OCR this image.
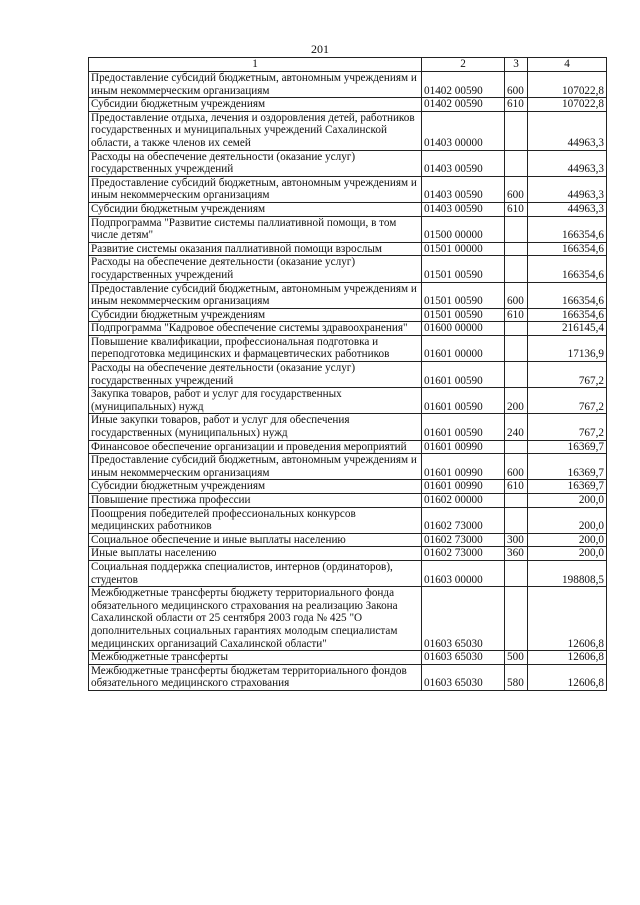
201
1	2	3	4
Предоставление субсидий бюджетным, автономным учреждениям и иным некоммерческим организациям	01402 00590	600	107022,8
Субсидии бюджетным учреждениям	01402 00590	610	107022,8
Предоставление отдыха, лечения и оздоровления детей, работников государственных и муниципальных учреждений Сахалинской области, а также членов их семей	01403 00000		44963,3
Расходы на обеспечение деятельности (оказание услуг) государственных учреждений	01403 00590		44963,3
Предоставление субсидий бюджетным, автономным учреждениям и иным некоммерческим организациям	01403 00590	600	44963,3
Субсидии бюджетным учреждениям	01403 00590	610	44963,3
Подпрограмма "Развитие системы паллиативной помощи, в том числе детям"	01500 00000		166354,6
Развитие системы оказания паллиативной помощи взрослым	01501 00000		166354,6
Расходы на обеспечение деятельности (оказание услуг) государственных учреждений	01501 00590		166354,6
Предоставление субсидий бюджетным, автономным учреждениям и иным некоммерческим организациям	01501 00590	600	166354,6
Субсидии бюджетным учреждениям	01501 00590	610	166354,6
Подпрограмма "Кадровое обеспечение системы здравоохранения"	01600 00000		216145,4
Повышение квалификации, профессиональная подготовка и переподготовка медицинских и фармацевтических работников	01601 00000		17136,9
Расходы на обеспечение деятельности (оказание услуг) государственных учреждений	01601 00590		767,2
Закупка товаров, работ и услуг для государственных (муниципальных) нужд	01601 00590	200	767,2
Иные закупки товаров, работ и услуг для обеспечения государственных (муниципальных) нужд	01601 00590	240	767,2
Финансовое обеспечение организации и проведения мероприятий	01601 00990		16369,7
Предоставление субсидий бюджетным, автономным учреждениям и иным некоммерческим организациям	01601 00990	600	16369,7
Субсидии бюджетным учреждениям	01601 00990	610	16369,7
Повышение престижа профессии	01602 00000		200,0
Поощрения победителей профессиональных конкурсов медицинских работников	01602 73000		200,0
Социальное обеспечение и иные выплаты населению	01602 73000	300	200,0
Иные выплаты населению	01602 73000	360	200,0
Социальная поддержка специалистов, интернов (ординаторов), студентов	01603 00000		198808,5
Межбюджетные трансферты бюджету территориального фонда обязательного медицинского страхования на реализацию Закона Сахалинской области от 25 сентября 2003 года № 425 "О дополнительных социальных гарантиях молодым специалистам медицинских организаций Сахалинской области"	01603 65030		12606,8
Межбюджетные трансферты	01603 65030	500	12606,8
Межбюджетные трансферты бюджетам территориального фондов обязательного медицинского страхования	01603 65030	580	12606,8
